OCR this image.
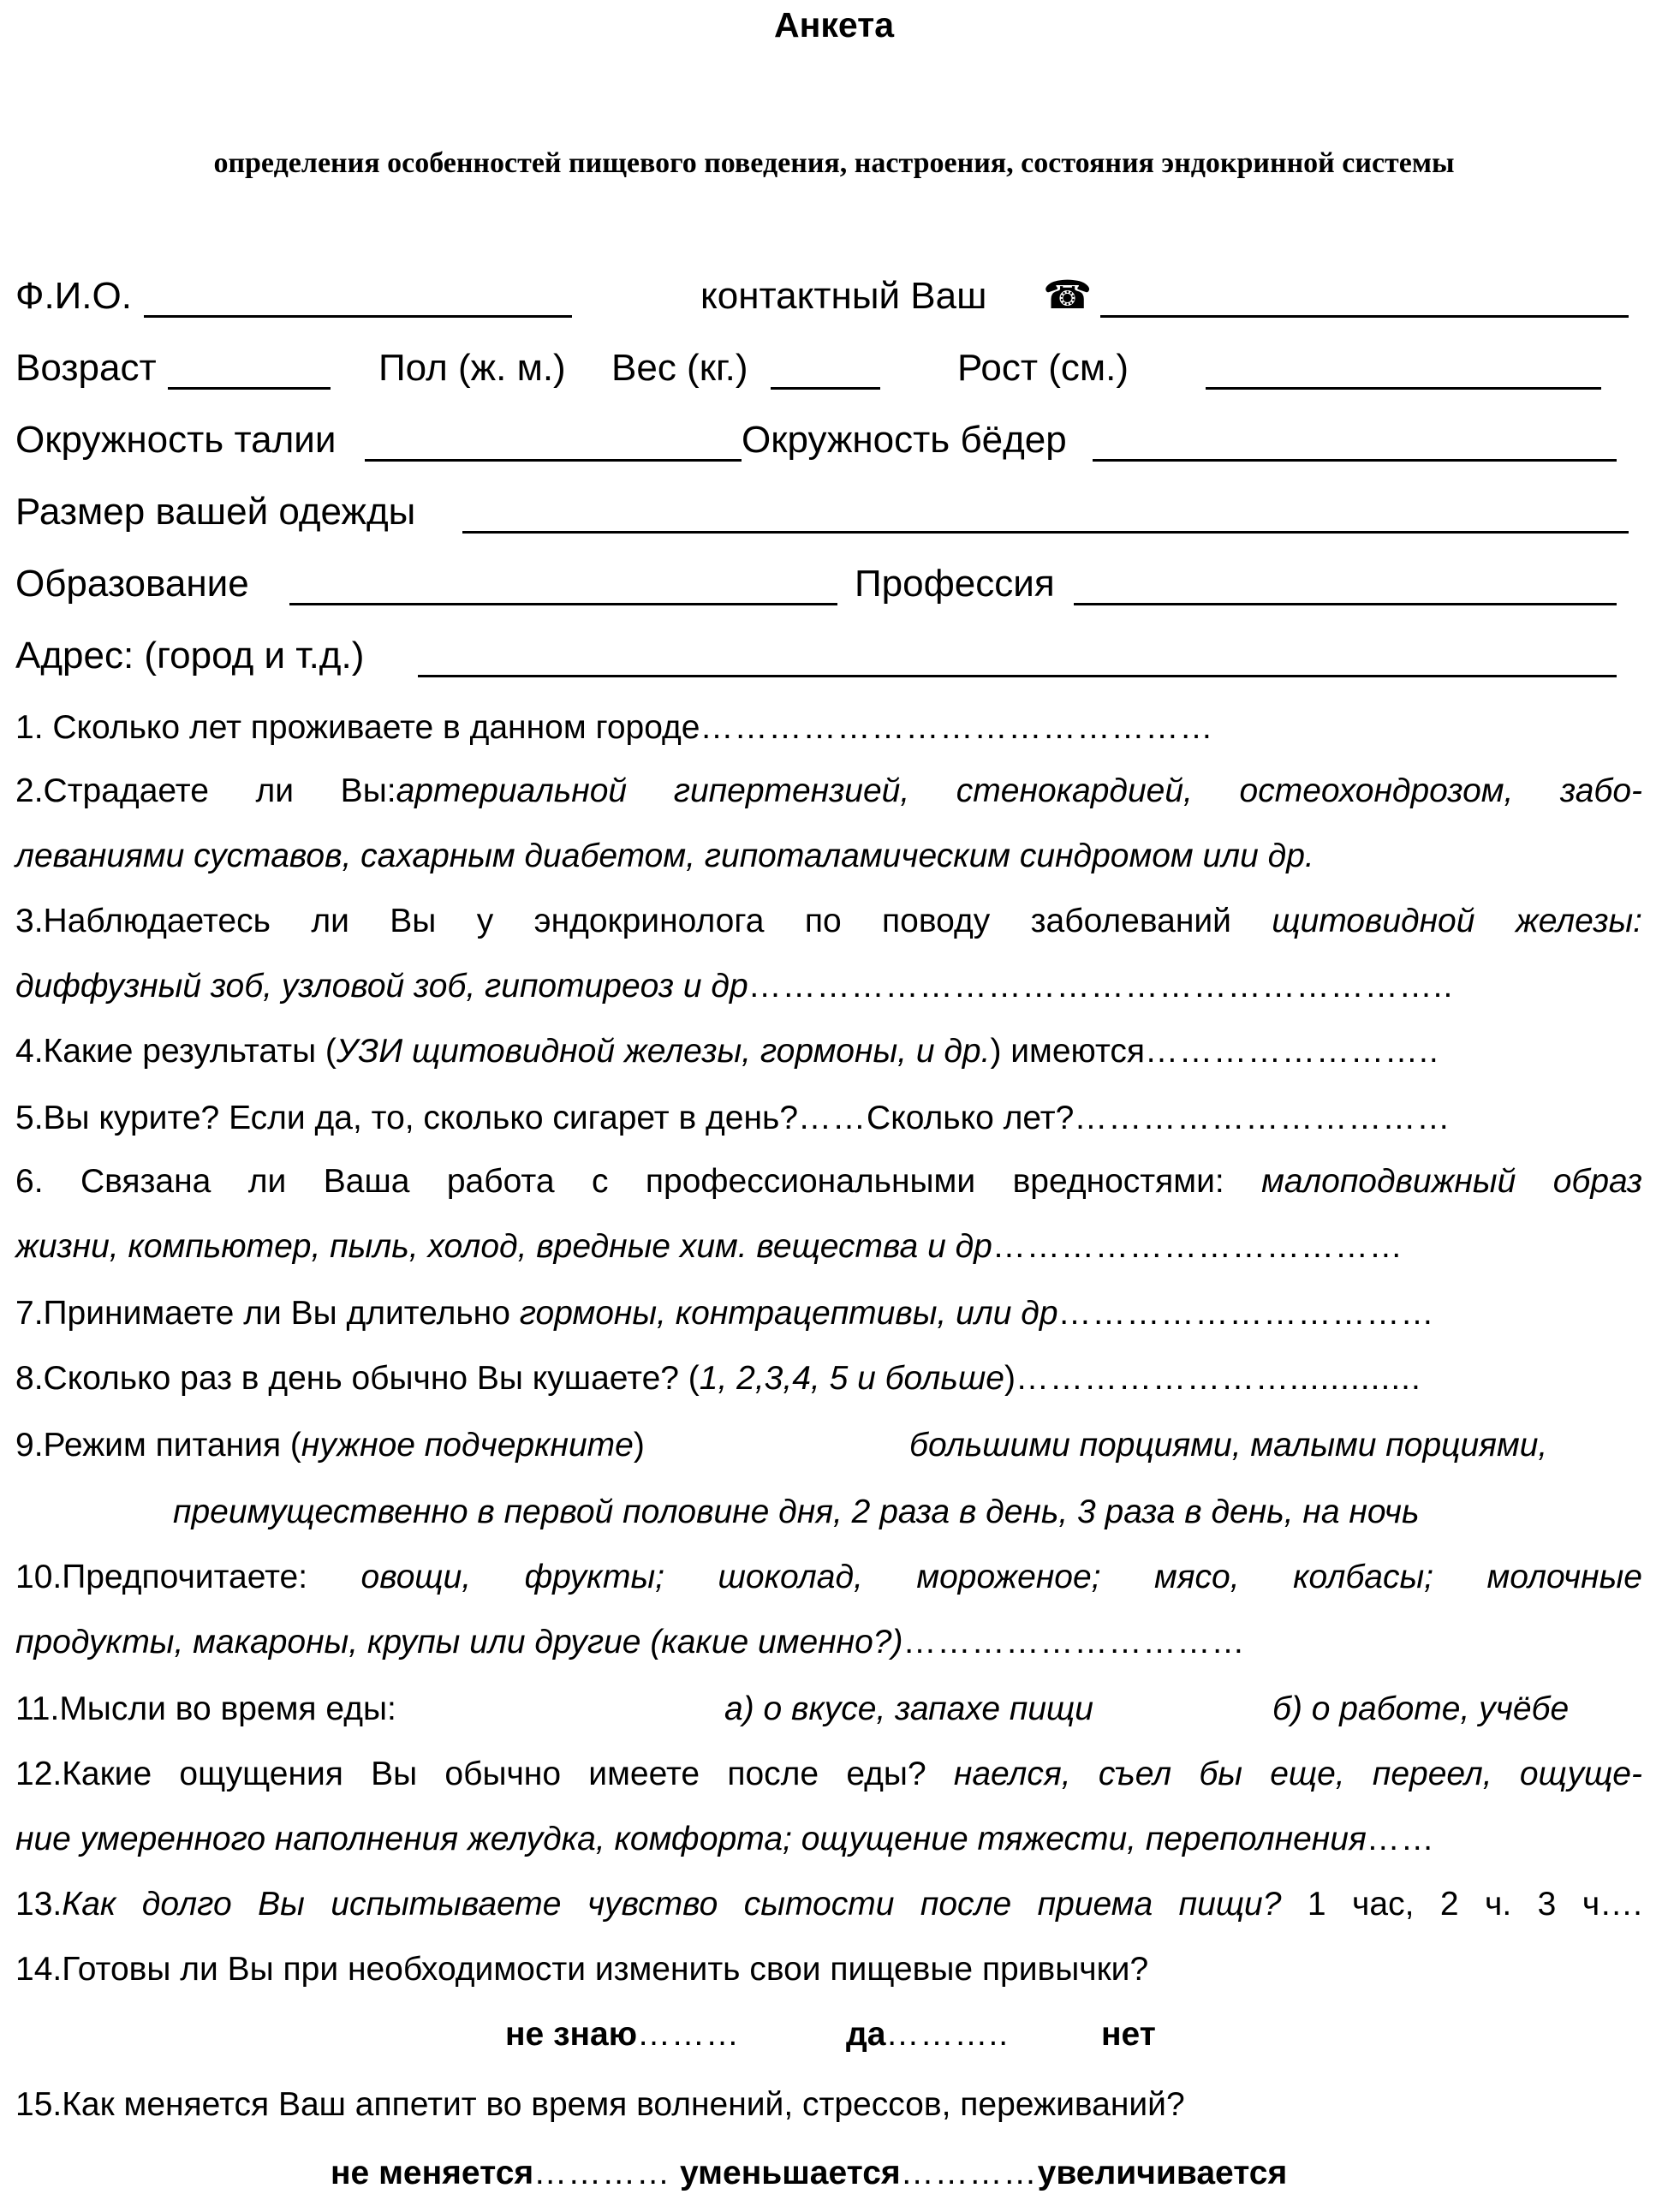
Анкета
определения особенностей пищевого поведения, настроения, состояния эндокринной системы
Ф.И.О.	контактный Ваш ☎
Возраст	Пол (ж. м.) Вес (кг.)	Рост (см.)
Окружность талии	Окружность бёдер
Размер вашей одежды
Образование	Профессия
Адрес: (город и т.д.)
1. Сколько лет проживаете в данном городе………………………………………
2.Страдаете ли Вы:артериальной гипертензией, стенокардией, остеохондрозом, забо-
леваниями суставов, сахарным диабетом, гипоталамическим синдромом или др.
3.Наблюдаетесь ли Вы у эндокринолога по поводу заболеваний щитовидной железы:
диффузный зоб, узловой зоб, гипотиреоз и др……………………………………………………..
4.Какие результаты (УЗИ щитовидной железы, гормоны, и др.) имеются……………………..
5.Вы курите? Если да, то, сколько сигарет в день?……Сколько лет?……………………………
6. Связана ли Ваша работа с профессиональными вредностями: малоподвижный образ
жизни, компьютер, пыль, холод, вредные хим. вещества и др………………………………
7.Принимаете ли Вы длительно гормоны, контрацептивы, или др……………………………
8.Сколько раз в день обычно Вы кушаете? (1, 2,3,4, 5 и больше)…………………….............
9.Режим питания (нужное подчеркните)	большими порциями, малыми порциями,
преимущественно в первой половине дня, 2 раза в день, 3 раза в день, на ночь
10.Предпочитаете: овощи, фрукты; шоколад, мороженое; мясо, колбасы; молочные
продукты, макароны, крупы или другие (какие именно?)…………………………
11.Мысли во время еды:	а) о вкусе, запахе пищи	б) о работе, учёбе
12.Какие ощущения Вы обычно имеете после еды? наелся, съел бы еще, переел, ощуще-
ние умеренного наполнения желудка, комфорта; ощущение тяжести, переполнения……
13.Как долго Вы испытываете чувство сытости после приема пищи? 1 час, 2 ч. 3 ч….
14.Готовы ли Вы при необходимости изменить свои пищевые привычки?
не знаю………	да………..	нет
15.Как меняется Ваш аппетит во время волнений, стрессов, переживаний?
не меняется………… уменьшается…………увеличивается
